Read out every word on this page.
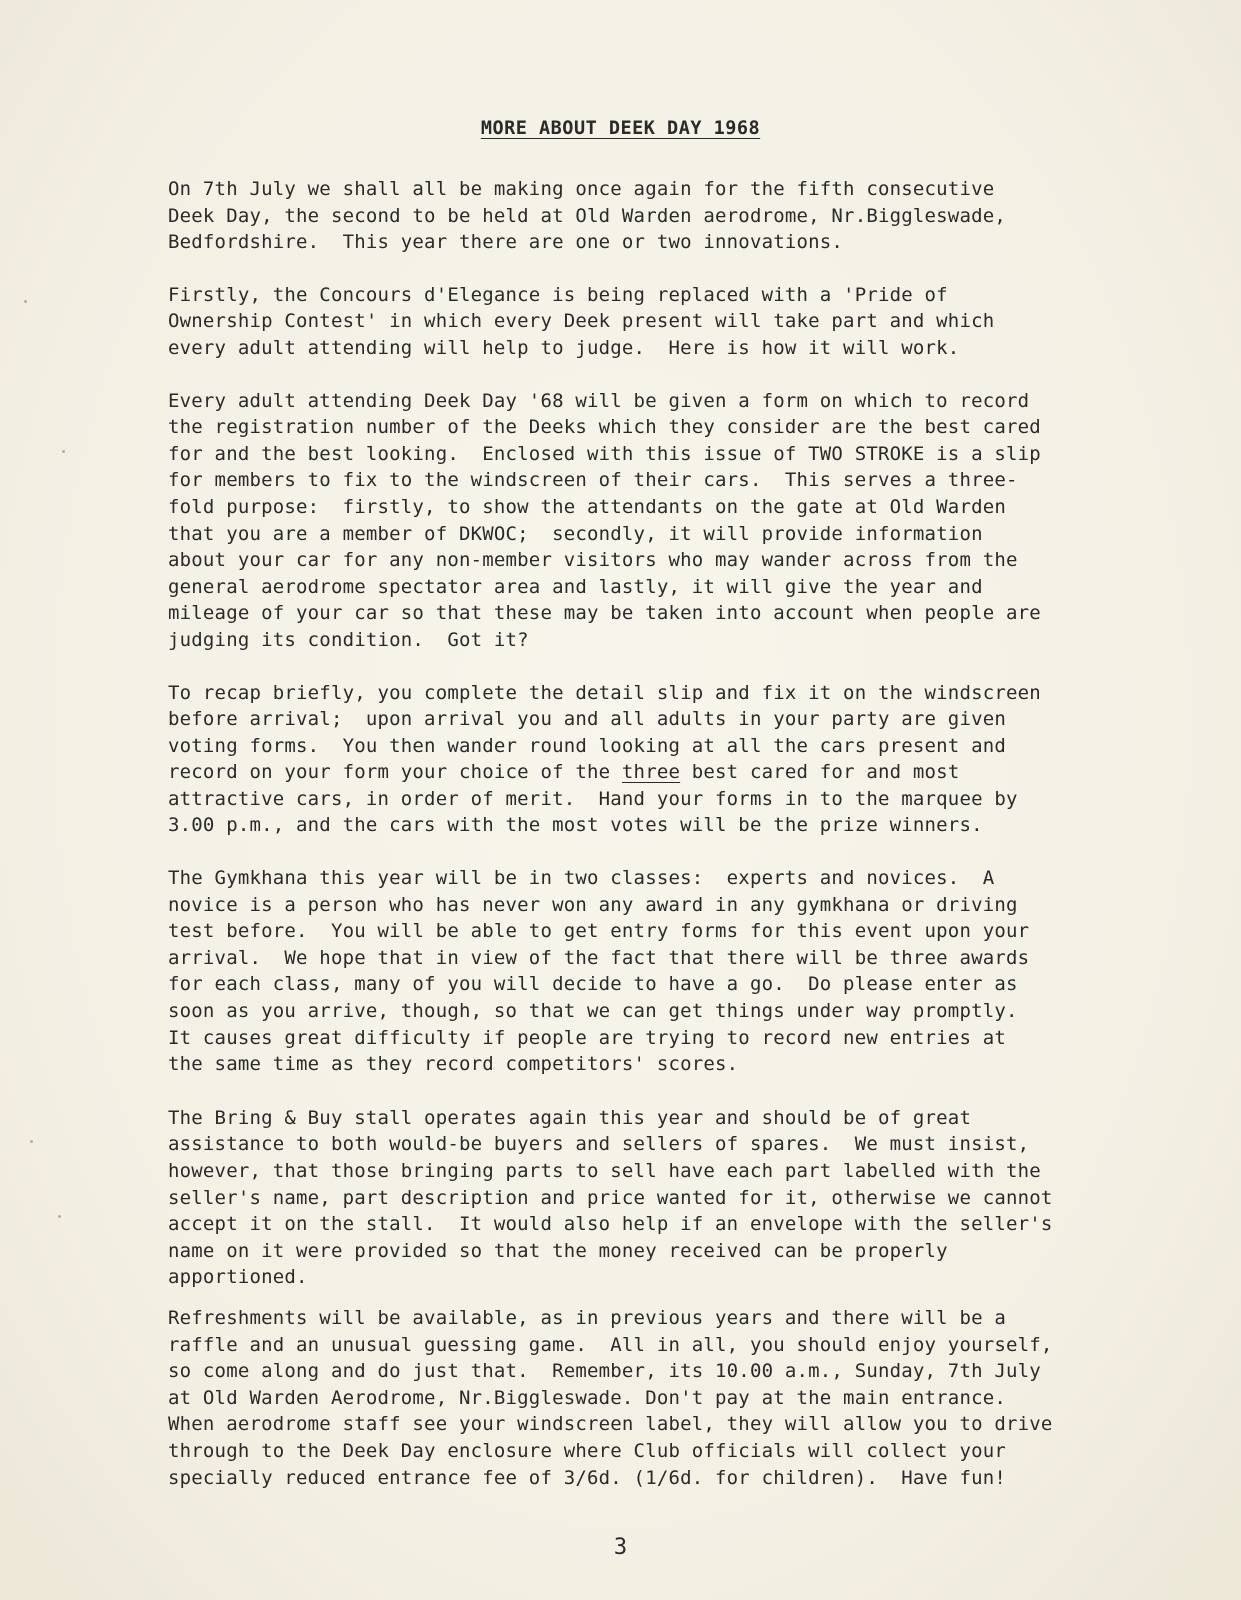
MORE ABOUT DEEK DAY 1968

On 7th July we shall all be making once again for the fifth consecutive
Deek Day, the second to be held at Old Warden aerodrome, Nr.Biggleswade,
Bedfordshire.  This year there are one or two innovations.

Firstly, the Concours d'Elegance is being replaced with a 'Pride of
Ownership Contest' in which every Deek present will take part and which
every adult attending will help to judge.  Here is how it will work.

Every adult attending Deek Day '68 will be given a form on which to record
the registration number of the Deeks which they consider are the best cared
for and the best looking.  Enclosed with this issue of TWO STROKE is a slip
for members to fix to the windscreen of their cars.  This serves a three-
fold purpose:  firstly, to show the attendants on the gate at Old Warden
that you are a member of DKWOC;  secondly, it will provide information
about your car for any non-member visitors who may wander across from the
general aerodrome spectator area and lastly, it will give the year and
mileage of your car so that these may be taken into account when people are
judging its condition.  Got it?

To recap briefly, you complete the detail slip and fix it on the windscreen
before arrival;  upon arrival you and all adults in your party are given
voting forms.  You then wander round looking at all the cars present and
record on your form your choice of the three best cared for and most
attractive cars, in order of merit.  Hand your forms in to the marquee by
3.00 p.m., and the cars with the most votes will be the prize winners.

The Gymkhana this year will be in two classes:  experts and novices.  A
novice is a person who has never won any award in any gymkhana or driving
test before.  You will be able to get entry forms for this event upon your
arrival.  We hope that in view of the fact that there will be three awards
for each class, many of you will decide to have a go.  Do please enter as
soon as you arrive, though, so that we can get things under way promptly.
It causes great difficulty if people are trying to record new entries at
the same time as they record competitors' scores.

The Bring & Buy stall operates again this year and should be of great
assistance to both would-be buyers and sellers of spares.  We must insist,
however, that those bringing parts to sell have each part labelled with the
seller's name, part description and price wanted for it, otherwise we cannot
accept it on the stall.  It would also help if an envelope with the seller's
name on it were provided so that the money received can be properly
apportioned.

Refreshments will be available, as in previous years and there will be a
raffle and an unusual guessing game.  All in all, you should enjoy yourself,
so come along and do just that.  Remember, its 10.00 a.m., Sunday, 7th July
at Old Warden Aerodrome, Nr.Biggleswade. Don't pay at the main entrance.
When aerodrome staff see your windscreen label, they will allow you to drive
through to the Deek Day enclosure where Club officials will collect your
specially reduced entrance fee of 3/6d. (1/6d. for children).  Have fun!

3
